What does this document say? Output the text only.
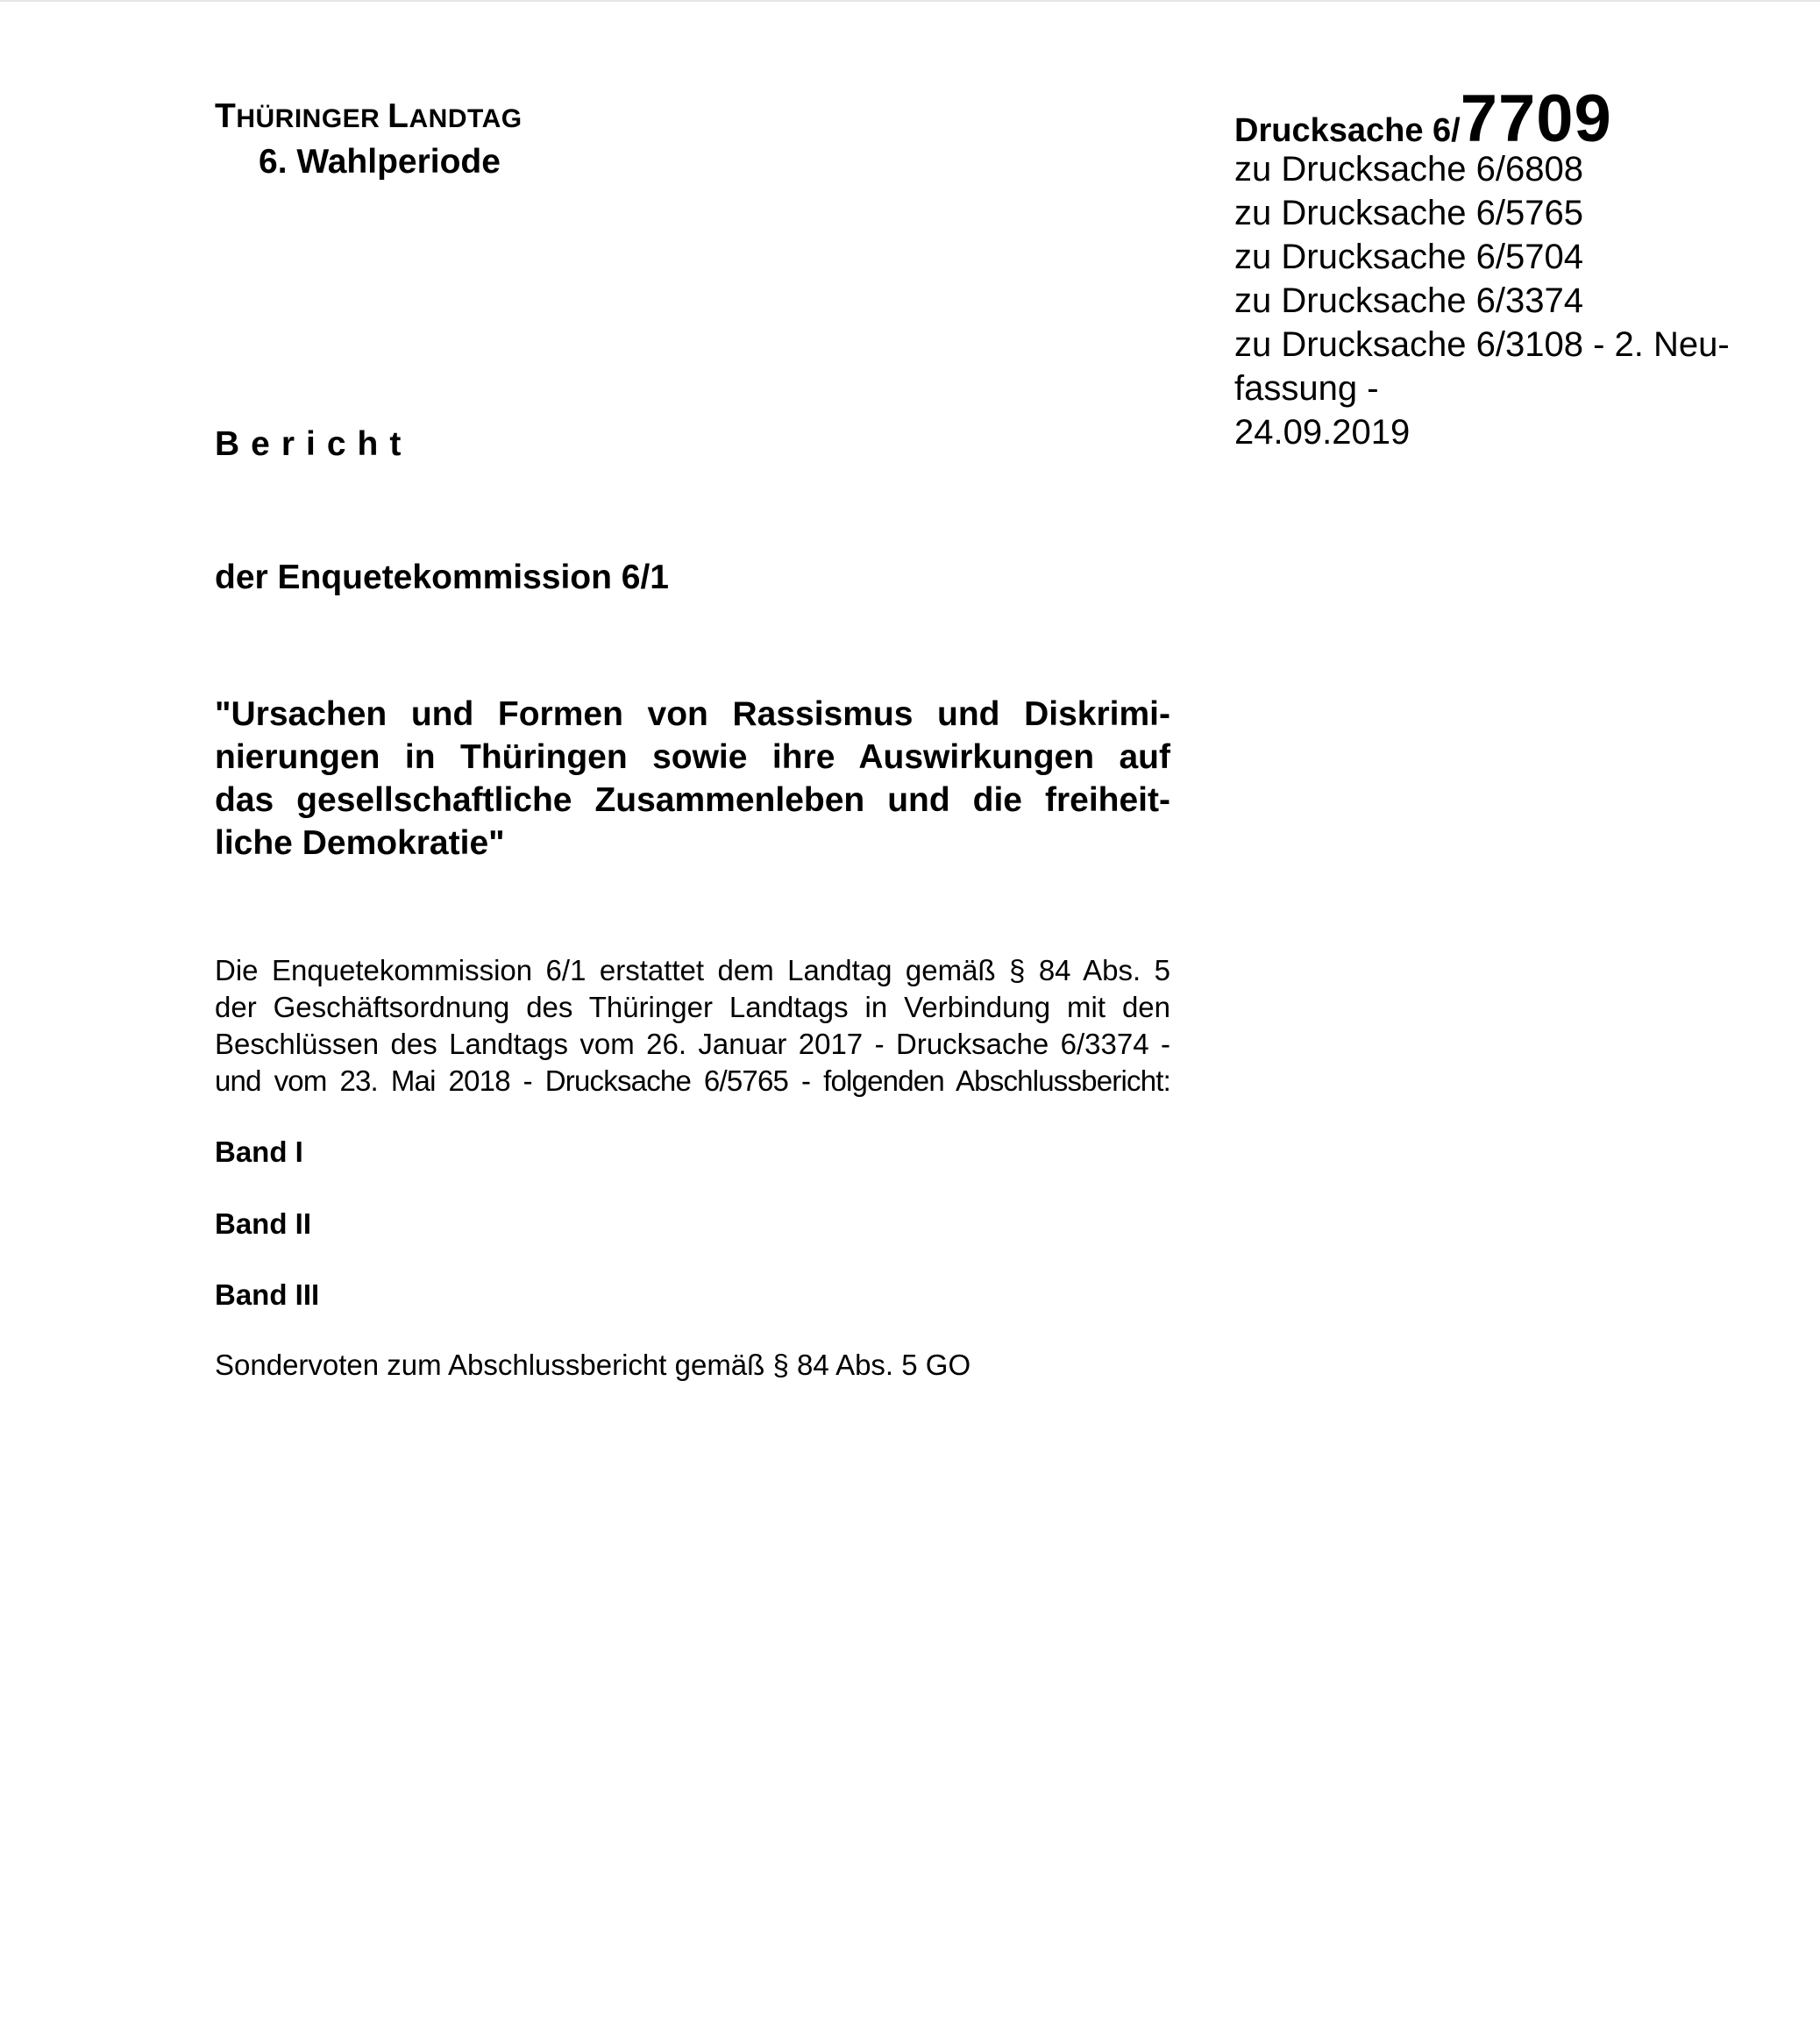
THÜRINGER LANDTAG
6. Wahlperiode
Drucksache 6/7709
zu Drucksache 6/6808
zu Drucksache 6/5765
zu Drucksache 6/5704
zu Drucksache 6/3374
zu Drucksache 6/3108 - 2. Neu-
fassung -
24.09.2019
Bericht
der Enquetekommission 6/1
"Ursachen und Formen von Rassismus und Diskrimi-
nierungen in Thüringen sowie ihre Auswirkungen auf
das gesellschaftliche Zusammenleben und die freiheit-
liche Demokratie"
Die Enquetekommission 6/1 erstattet dem Landtag gemäß § 84 Abs. 5
der Geschäftsordnung des Thüringer Landtags in Verbindung mit den
Beschlüssen des Landtags vom 26. Januar 2017 - Drucksache 6/3374 -
und vom 23. Mai 2018 - Drucksache 6/5765 - folgenden Abschlussbericht:
Band I
Band II
Band III
Sondervoten zum Abschlussbericht gemäß § 84 Abs. 5 GO
